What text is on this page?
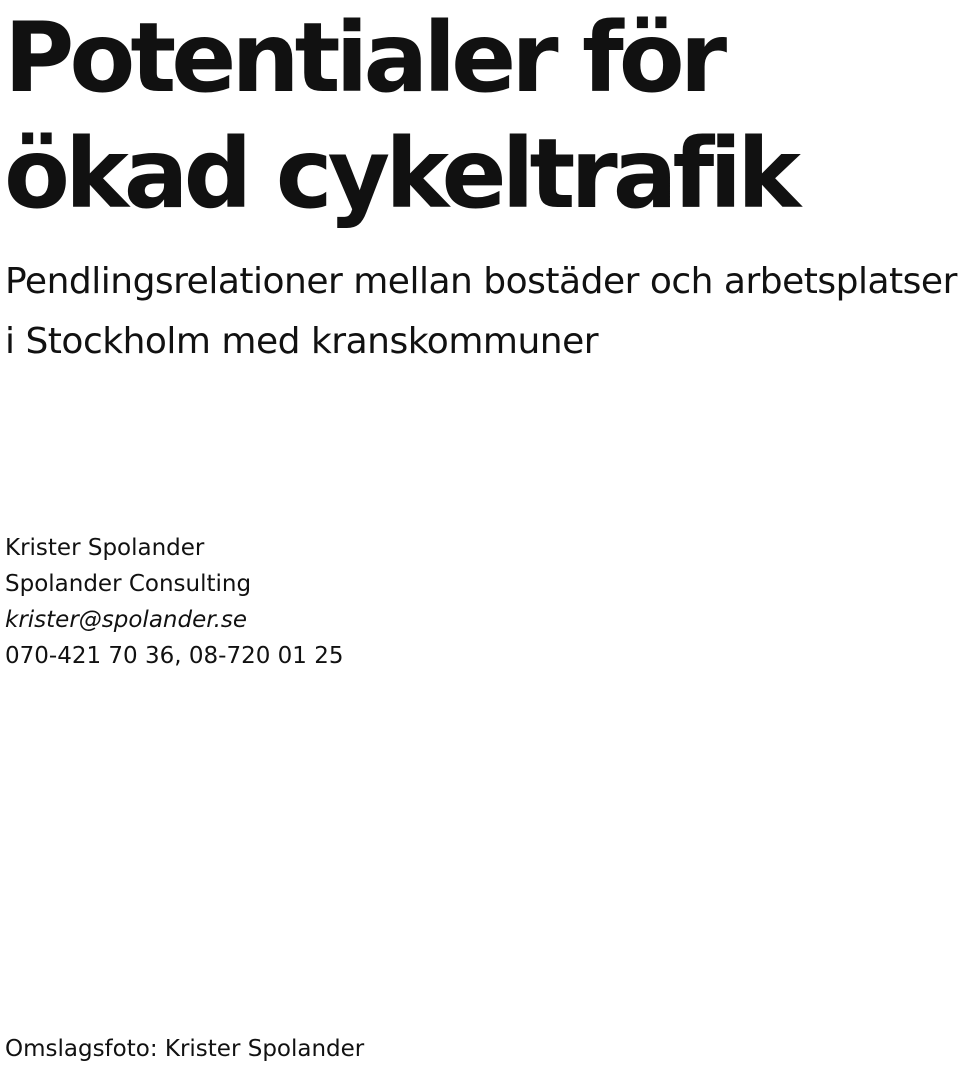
Potentialer för
ökad cykeltrafik
Pendlingsrelationer mellan bostäder och arbetsplatser
i Stockholm med kranskommuner
Krister Spolander
Spolander Consulting
krister@spolander.se
070-421 70 36, 08-720 01 25
Omslagsfoto: Krister Spolander
